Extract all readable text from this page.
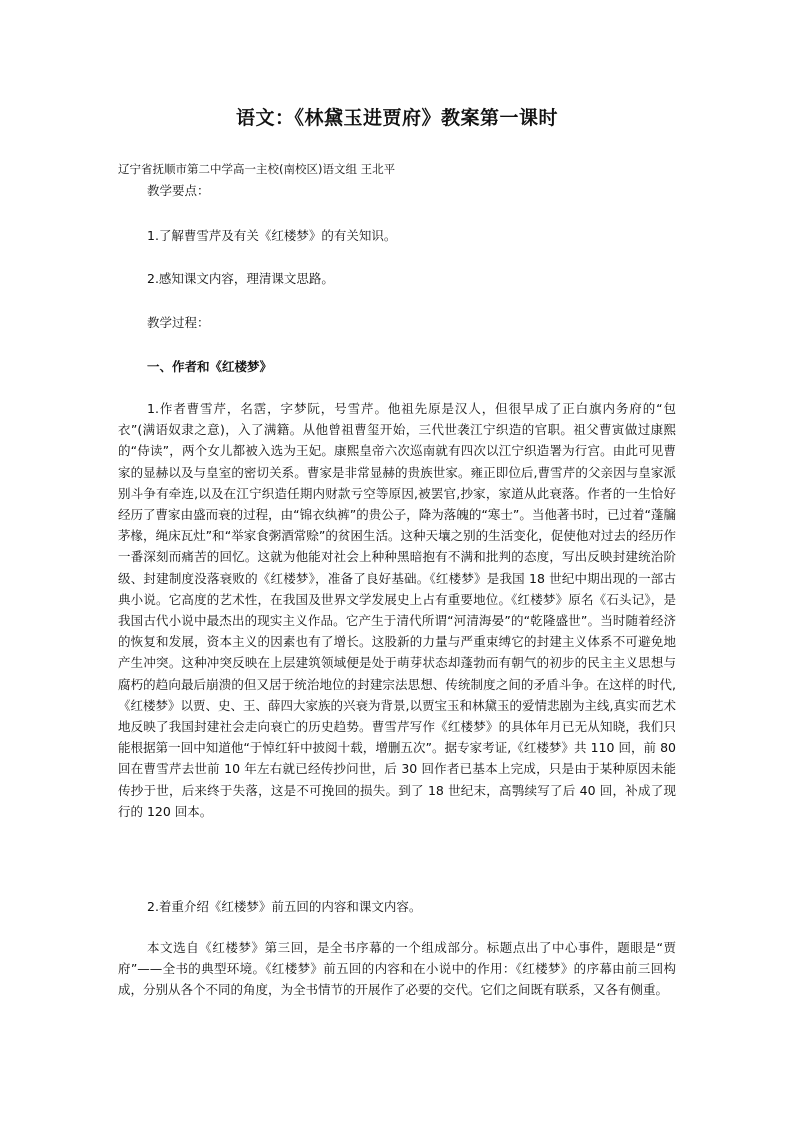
语文：《林黛玉进贾府》教案第一课时
辽宁省抚顺市第二中学高一主校(南校区)语文组 王北平
教学要点：
1.了解曹雪芹及有关《红楼梦》的有关知识。
2.感知课文内容，理清课文思路。
教学过程：
一、作者和《红楼梦》

1.作者曹雪芹，名霑，字梦阮，号雪芹。他祖先原是汉人，但很早成了正白旗内务府的“包衣”(满语奴隶之意)，入了满籍。从他曾祖曹玺开始，三代世袭江宁织造的官职。祖父曹寅做过康熙的“侍读”，两个女儿都被入选为王妃。康熙皇帝六次巡南就有四次以江宁织造署为行宫。由此可见曹家的显赫以及与皇室的密切关系。曹家是非常显赫的贵族世家。雍正即位后,曹雪芹的父亲因与皇家派别斗争有牵连,以及在江宁织造任期内财款亏空等原因,被罢官,抄家，家道从此衰落。作者的一生恰好经历了曹家由盛而衰的过程，由“锦衣纨裤”的贵公子，降为落魄的“寒士”。当他著书时，已过着“蓬牖茅椽，绳床瓦灶”和“举家食粥酒常赊”的贫困生活。这种天壤之别的生活变化，促使他对过去的经历作一番深刻而痛苦的回忆。这就为他能对社会上种种黑暗抱有不满和批判的态度，写出反映封建统治阶级、封建制度没落衰败的《红楼梦》，准备了良好基础。《红楼梦》是我国 18 世纪中期出现的一部古典小说。它高度的艺术性，在我国及世界文学发展史上占有重要地位。《红楼梦》原名《石头记》，是我国古代小说中最杰出的现实主义作品。它产生于清代所谓“河清海晏”的“乾隆盛世”。当时随着经济的恢复和发展，资本主义的因素也有了增长。这股新的力量与严重束缚它的封建主义体系不可避免地产生冲突。这种冲突反映在上层建筑领域便是处于萌芽状态却蓬勃而有朝气的初步的民主主义思想与腐朽的趋向最后崩溃的但又居于统治地位的封建宗法思想、传统制度之间的矛盾斗争。在这样的时代,《红楼梦》以贾、史、王、薛四大家族的兴衰为背景,以贾宝玉和林黛玉的爱情悲剧为主线,真实而艺术地反映了我国封建社会走向衰亡的历史趋势。曹雪芹写作《红楼梦》的具体年月已无从知晓，我们只能根据第一回中知道他“于悼红轩中披阅十载，增删五次”。据专家考证,《红楼梦》共 110 回，前 80 回在曹雪芹去世前 10 年左右就已经传抄问世，后 30 回作者已基本上完成，只是由于某种原因未能传抄于世，后来终于失落，这是不可挽回的损失。到了 18 世纪末，高鹗续写了后 40 回，补成了现行的 120 回本。

2.着重介绍《红楼梦》前五回的内容和课文内容。

本文选自《红楼梦》第三回，是全书序幕的一个组成部分。标题点出了中心事件，题眼是“贾府”——全书的典型环境。《红楼梦》前五回的内容和在小说中的作用：《红楼梦》的序幕由前三回构成，分别从各个不同的角度，为全书情节的开展作了必要的交代。它们之间既有联系，又各有侧重。
